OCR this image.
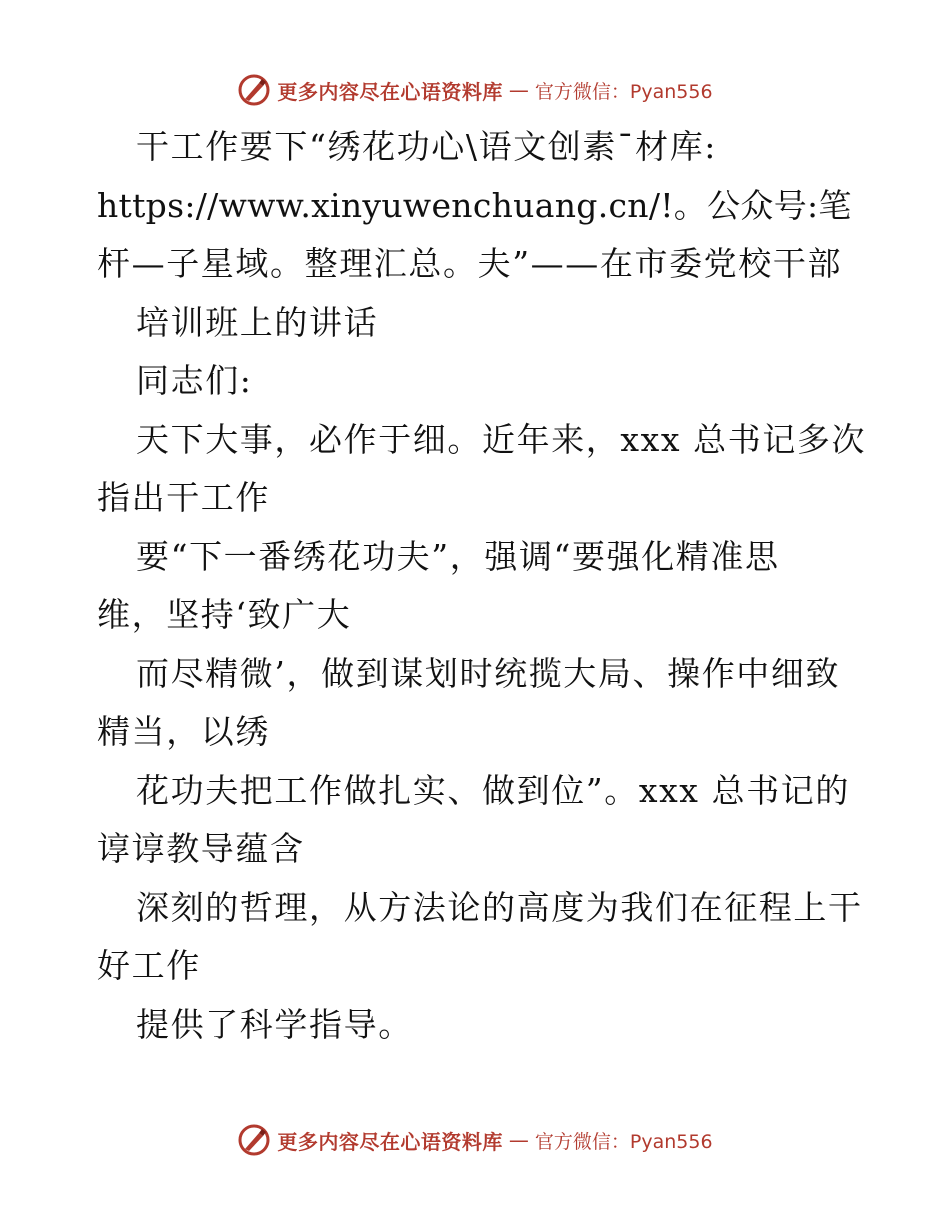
更多内容尽在心语资料库 — 官方微信：Pyan556
干工作要下“绣花功心\语文创素¯材库:
https://www.xinyuwenchuang.cn/!。公众号:笔
杆—子星域。整理汇总。夫”——在市委党校干部
培训班上的讲话
同志们:
天下大事，必作于细。近年来，xxx 总书记多次
指出干工作
要“下一番绣花功夫”，强调“要强化精准思
维，坚持‘致广大
而尽精微’，做到谋划时统揽大局、操作中细致
精当，以绣
花功夫把工作做扎实、做到位”。xxx 总书记的
谆谆教导蕴含
深刻的哲理，从方法论的高度为我们在征程上干
好工作
提供了科学指导。
更多内容尽在心语资料库 — 官方微信：Pyan556
